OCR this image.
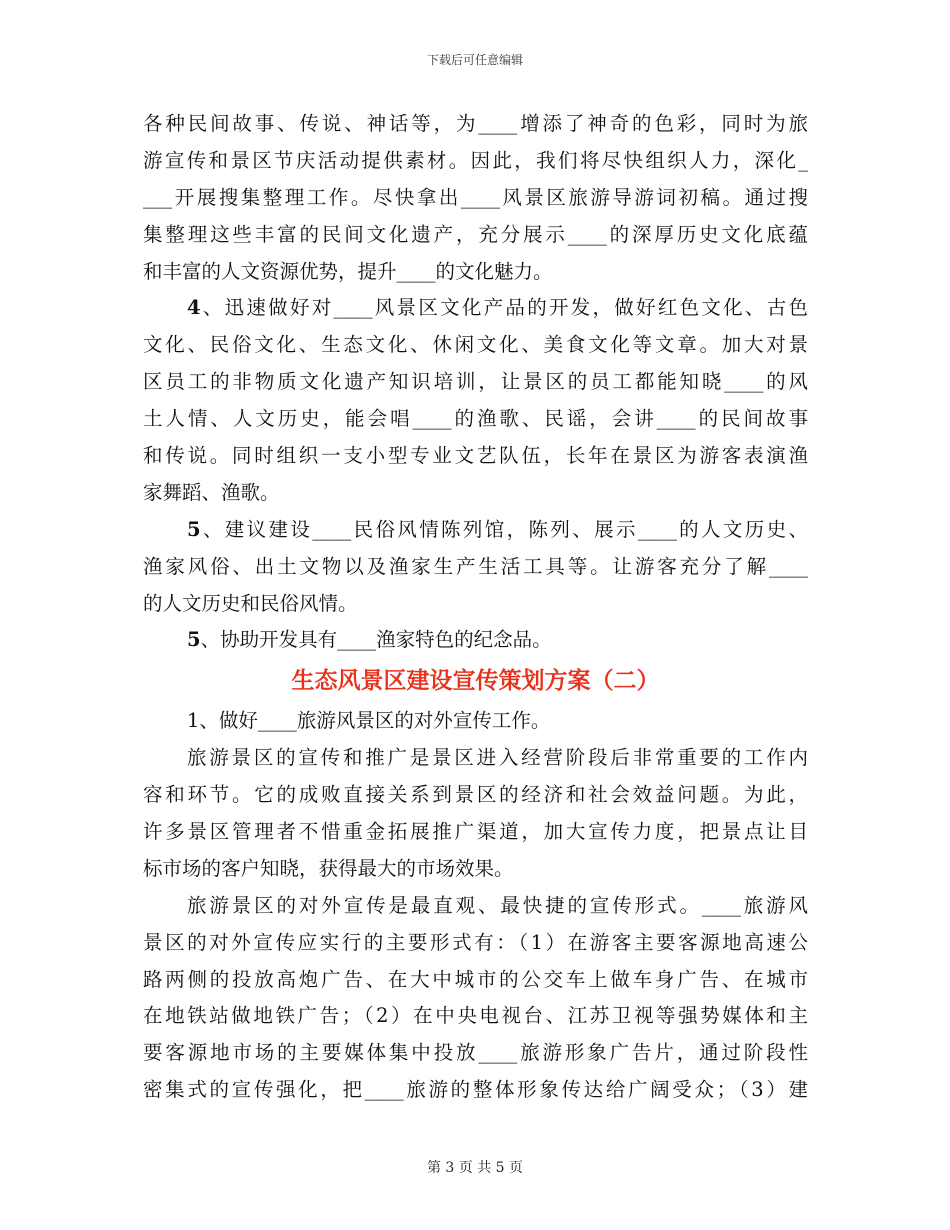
下载后可任意编辑
各种民间故事、传说、神话等，为____增添了神奇的色彩，同时为旅
游宣传和景区节庆活动提供素材。因此，我们将尽快组织人力，深化_
___开展搜集整理工作。尽快拿出____风景区旅游导游词初稿。通过搜
集整理这些丰富的民间文化遗产，充分展示____的深厚历史文化底蕴
和丰富的人文资源优势，提升____的文化魅力。
4、迅速做好对____风景区文化产品的开发，做好红色文化、古色
文化、民俗文化、生态文化、休闲文化、美食文化等文章。加大对景
区员工的非物质文化遗产知识培训，让景区的员工都能知晓____的风
土人情、人文历史，能会唱____的渔歌、民谣，会讲____的民间故事
和传说。同时组织一支小型专业文艺队伍，长年在景区为游客表演渔
家舞蹈、渔歌。
5、建议建设____民俗风情陈列馆，陈列、展示____的人文历史、
渔家风俗、出土文物以及渔家生产生活工具等。让游客充分了解____
的人文历史和民俗风情。
5、协助开发具有____渔家特色的纪念品。
生态风景区建设宣传策划方案（二）
1、做好____旅游风景区的对外宣传工作。
旅游景区的宣传和推广是景区进入经营阶段后非常重要的工作内
容和环节。它的成败直接关系到景区的经济和社会效益问题。为此，
许多景区管理者不惜重金拓展推广渠道，加大宣传力度，把景点让目
标市场的客户知晓，获得最大的市场效果。
旅游景区的对外宣传是最直观、最快捷的宣传形式。____旅游风
景区的对外宣传应实行的主要形式有：（1）在游客主要客源地高速公
路两侧的投放高炮广告、在大中城市的公交车上做车身广告、在城市
在地铁站做地铁广告；（2）在中央电视台、江苏卫视等强势媒体和主
要客源地市场的主要媒体集中投放____旅游形象广告片，通过阶段性
密集式的宣传强化，把____旅游的整体形象传达给广阔受众；（3）建
第 3 页 共 5 页
